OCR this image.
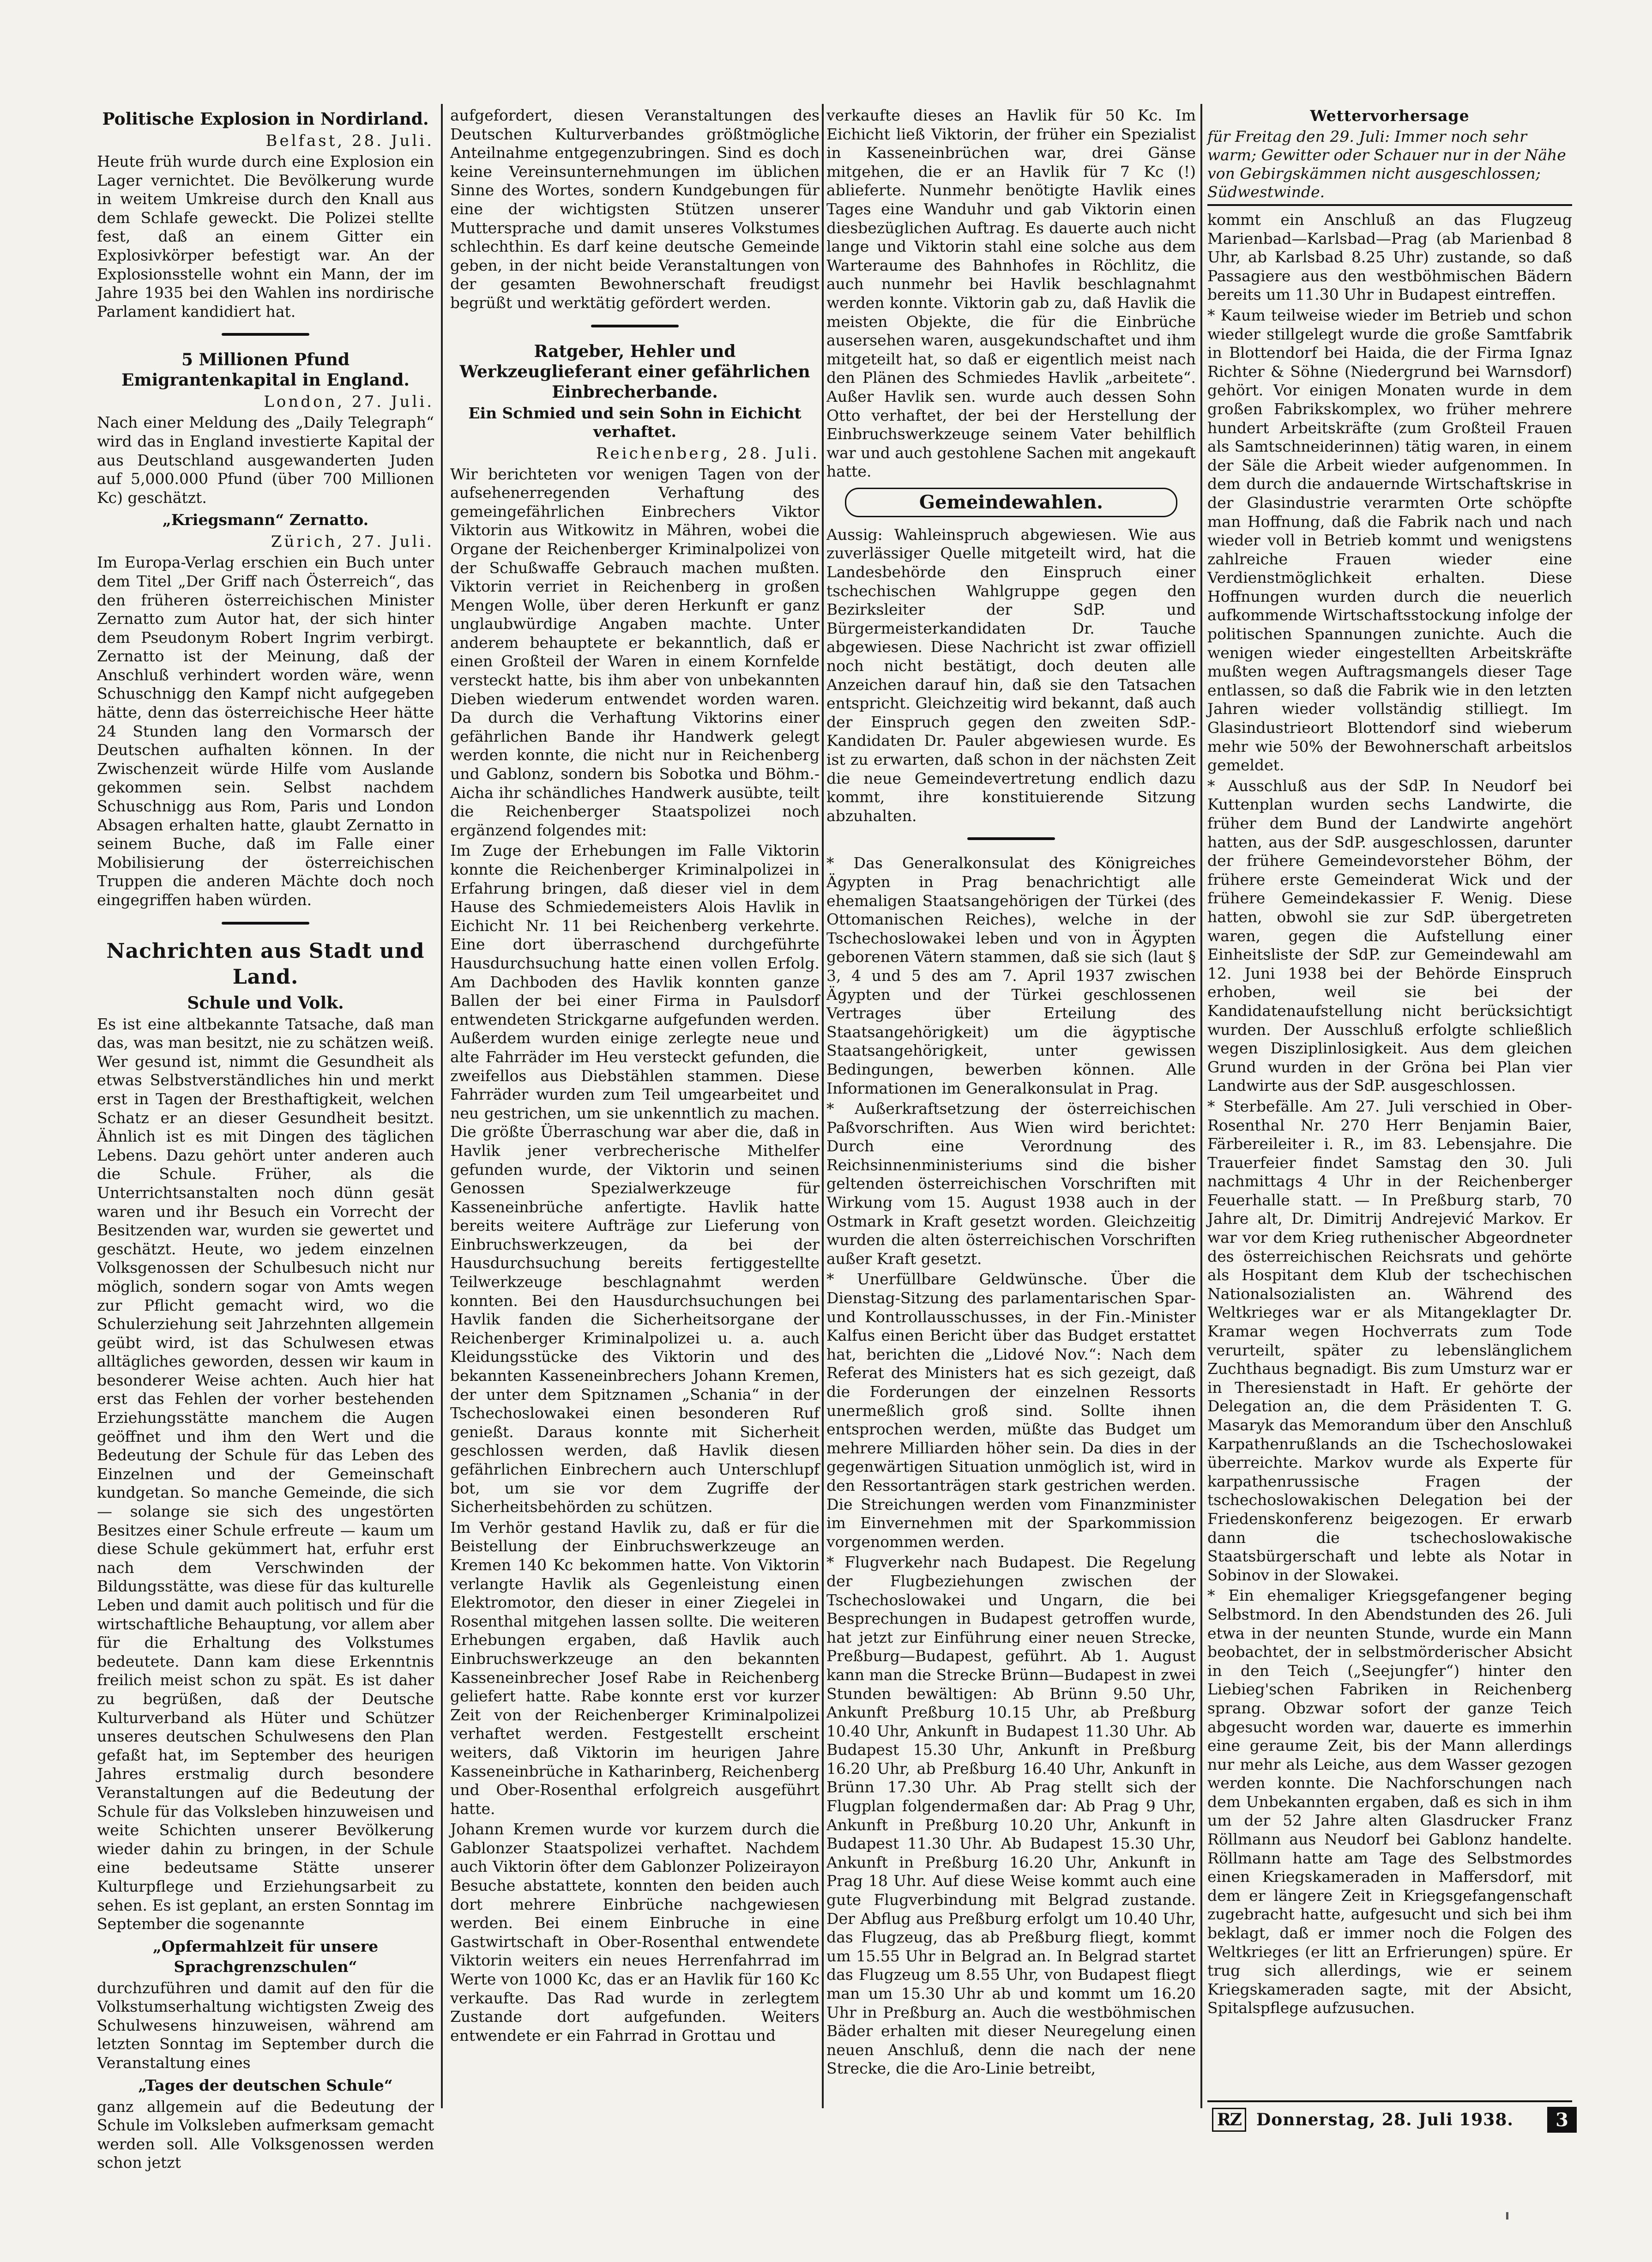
Politische Explosion in Nordirland.
Belfast, 28. Juli.

Heute früh wurde durch eine Explosion ein Lager vernichtet. Die Bevölkerung wurde in weitem Umkreise durch den Knall aus dem Schlafe geweckt. Die Polizei stellte fest, daß an einem Gitter ein Explosivkörper befestigt war. An der Explosionsstelle wohnt ein Mann, der im Jahre 1935 bei den Wahlen ins nordirische Parlament kandidiert hat.

5 Millionen Pfund Emigrantenkapital in England.
London, 27. Juli.

Nach einer Meldung des „Daily Telegraph“ wird das in England investierte Kapital der aus Deutschland ausgewanderten Juden auf 5,000.000 Pfund (über 700 Millionen Kc) geschätzt.

„Kriegsmann“ Zernatto.
Zürich, 27. Juli.

Im Europa-Verlag erschien ein Buch unter dem Titel „Der Griff nach Österreich“, das den früheren österreichischen Minister Zernatto zum Autor hat, der sich hinter dem Pseudonym Robert Ingrim verbirgt. Zernatto ist der Meinung, daß der Anschluß verhindert worden wäre, wenn Schuschnigg den Kampf nicht aufgegeben hätte, denn das österreichische Heer hätte 24 Stunden lang den Vormarsch der Deutschen aufhalten können. In der Zwischenzeit würde Hilfe vom Auslande gekommen sein. Selbst nachdem Schuschnigg aus Rom, Paris und London Absagen erhalten hatte, glaubt Zernatto in seinem Buche, daß im Falle einer Mobilisierung der österreichischen Truppen die anderen Mächte doch noch eingegriffen haben würden.

Nachrichten aus Stadt und Land.
Schule und Volk.

Es ist eine altbekannte Tatsache, daß man das, was man besitzt, nie zu schätzen weiß. Wer gesund ist, nimmt die Gesundheit als etwas Selbstverständliches hin und merkt erst in Tagen der Bresthaftigkeit, welchen Schatz er an dieser Gesundheit besitzt. Ähnlich ist es mit Dingen des täglichen Lebens. Dazu gehört unter anderen auch die Schule. Früher, als die Unterrichtsanstalten noch dünn gesät waren und ihr Besuch ein Vorrecht der Besitzenden war, wurden sie gewertet und geschätzt. Heute, wo jedem einzelnen Volksgenossen der Schulbesuch nicht nur möglich, sondern sogar von Amts wegen zur Pflicht gemacht wird, wo die Schulerziehung seit Jahrzehnten allgemein geübt wird, ist das Schulwesen etwas alltägliches geworden, dessen wir kaum in besonderer Weise achten. Auch hier hat erst das Fehlen der vorher bestehenden Erziehungsstätte manchem die Augen geöffnet und ihm den Wert und die Bedeutung der Schule für das Leben des Einzelnen und der Gemeinschaft kundgetan. So manche Gemeinde, die sich — solange sie sich des ungestörten Besitzes einer Schule erfreute — kaum um diese Schule gekümmert hat, erfuhr erst nach dem Verschwinden der Bildungsstätte, was diese für das kulturelle Leben und damit auch politisch und für die wirtschaftliche Behauptung, vor allem aber für die Erhaltung des Volkstumes bedeutete. Dann kam diese Erkenntnis freilich meist schon zu spät. Es ist daher zu begrüßen, daß der Deutsche Kulturverband als Hüter und Schützer unseres deutschen Schulwesens den Plan gefaßt hat, im September des heurigen Jahres erstmalig durch besondere Veranstaltungen auf die Bedeutung der Schule für das Volksleben hinzuweisen und weite Schichten unserer Bevölkerung wieder dahin zu bringen, in der Schule eine bedeutsame Stätte unserer Kulturpflege und Erziehungsarbeit zu sehen. Es ist geplant, an ersten Sonntag im September die sogenannte

„Opfermahlzeit für unsere Sprachgrenzschulen“

durchzuführen und damit auf den für die Volkstumserhaltung wichtigsten Zweig des Schulwesens hinzuweisen, während am letzten Sonntag im September durch die Veranstaltung eines

„Tages der deutschen Schule“

ganz allgemein auf die Bedeutung der Schule im Volksleben aufmerksam gemacht werden soll. Alle Volksgenossen werden schon jetzt

aufgefordert, diesen Veranstaltungen des Deutschen Kulturverbandes größtmögliche Anteilnahme entgegenzubringen. Sind es doch keine Vereinsunternehmungen im üblichen Sinne des Wortes, sondern Kundgebungen für eine der wichtigsten Stützen unserer Muttersprache und damit unseres Volkstumes schlechthin. Es darf keine deutsche Gemeinde geben, in der nicht beide Veranstaltungen von der gesamten Bewohnerschaft freudigst begrüßt und werktätig gefördert werden.

Ratgeber, Hehler und Werkzeuglieferant einer gefährlichen Einbrecherbande.
Ein Schmied und sein Sohn in Eichicht verhaftet.
Reichenberg, 28. Juli.

Wir berichteten vor wenigen Tagen von der aufsehenerregenden Verhaftung des gemeingefährlichen Einbrechers Viktor Viktorin aus Witkowitz in Mähren, wobei die Organe der Reichenberger Kriminalpolizei von der Schußwaffe Gebrauch machen mußten. Viktorin verriet in Reichenberg in großen Mengen Wolle, über deren Herkunft er ganz unglaubwürdige Angaben machte. Unter anderem behauptete er bekanntlich, daß er einen Großteil der Waren in einem Kornfelde versteckt hatte, bis ihm aber von unbekannten Dieben wiederum entwendet worden waren. Da durch die Verhaftung Viktorins einer gefährlichen Bande ihr Handwerk gelegt werden konnte, die nicht nur in Reichenberg und Gablonz, sondern bis Sobotka und Böhm.-Aicha ihr schändliches Handwerk ausübte, teilt die Reichenberger Staatspolizei noch ergänzend folgendes mit:

Im Zuge der Erhebungen im Falle Viktorin konnte die Reichenberger Kriminalpolizei in Erfahrung bringen, daß dieser viel in dem Hause des Schmiedemeisters Alois Havlik in Eichicht Nr. 11 bei Reichenberg verkehrte. Eine dort überraschend durchgeführte Hausdurchsuchung hatte einen vollen Erfolg. Am Dachboden des Havlik konnten ganze Ballen der bei einer Firma in Paulsdorf entwendeten Strickgarne aufgefunden werden. Außerdem wurden einige zerlegte neue und alte Fahrräder im Heu versteckt gefunden, die zweifellos aus Diebstählen stammen. Diese Fahrräder wurden zum Teil umgearbeitet und neu gestrichen, um sie unkenntlich zu machen. Die größte Überraschung war aber die, daß in Havlik jener verbrecherische Mithelfer gefunden wurde, der Viktorin und seinen Genossen Spezialwerkzeuge für Kasseneinbrüche anfertigte. Havlik hatte bereits weitere Aufträge zur Lieferung von Einbruchswerkzeugen, da bei der Hausdurchsuchung bereits fertiggestellte Teilwerkzeuge beschlagnahmt werden konnten. Bei den Hausdurchsuchungen bei Havlik fanden die Sicherheitsorgane der Reichenberger Kriminalpolizei u. a. auch Kleidungsstücke des Viktorin und des bekannten Kasseneinbrechers Johann Kremen, der unter dem Spitznamen „Schania“ in der Tschechoslowakei einen besonderen Ruf genießt. Daraus konnte mit Sicherheit geschlossen werden, daß Havlik diesen gefährlichen Einbrechern auch Unterschlupf bot, um sie vor dem Zugriffe der Sicherheitsbehörden zu schützen.

Im Verhör gestand Havlik zu, daß er für die Beistellung der Einbruchswerkzeuge an Kremen 140 Kc bekommen hatte. Von Viktorin verlangte Havlik als Gegenleistung einen Elektromotor, den dieser in einer Ziegelei in Rosenthal mitgehen lassen sollte. Die weiteren Erhebungen ergaben, daß Havlik auch Einbruchswerkzeuge an den bekannten Kasseneinbrecher Josef Rabe in Reichenberg geliefert hatte. Rabe konnte erst vor kurzer Zeit von der Reichenberger Kriminalpolizei verhaftet werden. Festgestellt erscheint weiters, daß Viktorin im heurigen Jahre Kasseneinbrüche in Katharinberg, Reichenberg und Ober-Rosenthal erfolgreich ausgeführt hatte.

Johann Kremen wurde vor kurzem durch die Gablonzer Staatspolizei verhaftet. Nachdem auch Viktorin öfter dem Gablonzer Polizeirayon Besuche abstattete, konnten den beiden auch dort mehrere Einbrüche nachgewiesen werden. Bei einem Einbruche in eine Gastwirtschaft in Ober-Rosenthal entwendete Viktorin weiters ein neues Herrenfahrrad im Werte von 1000 Kc, das er an Havlik für 160 Kc verkaufte. Das Rad wurde in zerlegtem Zustande dort aufgefunden. Weiters entwendete er ein Fahrrad in Grottau und

verkaufte dieses an Havlik für 50 Kc. Im Eichicht ließ Viktorin, der früher ein Spezialist in Kasseneinbrüchen war, drei Gänse mitgehen, die er an Havlik für 7 Kc (!) ablieferte. Nunmehr benötigte Havlik eines Tages eine Wanduhr und gab Viktorin einen diesbezüglichen Auftrag. Es dauerte auch nicht lange und Viktorin stahl eine solche aus dem Warteraume des Bahnhofes in Röchlitz, die auch nunmehr bei Havlik beschlagnahmt werden konnte. Viktorin gab zu, daß Havlik die meisten Objekte, die für die Einbrüche ausersehen waren, ausgekundschaftet und ihm mitgeteilt hat, so daß er eigentlich meist nach den Plänen des Schmiedes Havlik „arbeitete“. Außer Havlik sen. wurde auch dessen Sohn Otto verhaftet, der bei der Herstellung der Einbruchswerkzeuge seinem Vater behilflich war und auch gestohlene Sachen mit angekauft hatte.

Gemeindewahlen.

Aussig: Wahleinspruch abgewiesen. Wie aus zuverlässiger Quelle mitgeteilt wird, hat die Landesbehörde den Einspruch einer tschechischen Wahlgruppe gegen den Bezirksleiter der SdP. und Bürgermeisterkandidaten Dr. Tauche abgewiesen. Diese Nachricht ist zwar offiziell noch nicht bestätigt, doch deuten alle Anzeichen darauf hin, daß sie den Tatsachen entspricht. Gleichzeitig wird bekannt, daß auch der Einspruch gegen den zweiten SdP.-Kandidaten Dr. Pauler abgewiesen wurde. Es ist zu erwarten, daß schon in der nächsten Zeit die neue Gemeindevertretung endlich dazu kommt, ihre konstituierende Sitzung abzuhalten.

* Das Generalkonsulat des Königreiches Ägypten in Prag benachrichtigt alle ehemaligen Staatsangehörigen der Türkei (des Ottomanischen Reiches), welche in der Tschechoslowakei leben und von in Ägypten geborenen Vätern stammen, daß sie sich (laut § 3, 4 und 5 des am 7. April 1937 zwischen Ägypten und der Türkei geschlossenen Vertrages über Erteilung des Staatsangehörigkeit) um die ägyptische Staatsangehörigkeit, unter gewissen Bedingungen, bewerben können. Alle Informationen im Generalkonsulat in Prag.

* Außerkraftsetzung der österreichischen Paßvorschriften. Aus Wien wird berichtet: Durch eine Verordnung des Reichsinnenministeriums sind die bisher geltenden österreichischen Vorschriften mit Wirkung vom 15. August 1938 auch in der Ostmark in Kraft gesetzt worden. Gleichzeitig wurden die alten österreichischen Vorschriften außer Kraft gesetzt.

* Unerfüllbare Geldwünsche. Über die Dienstag-Sitzung des parlamentarischen Spar- und Kontrollausschusses, in der Fin.-Minister Kalfus einen Bericht über das Budget erstattet hat, berichten die „Lidové Nov.“: Nach dem Referat des Ministers hat es sich gezeigt, daß die Forderungen der einzelnen Ressorts unermeßlich groß sind. Sollte ihnen entsprochen werden, müßte das Budget um mehrere Milliarden höher sein. Da dies in der gegenwärtigen Situation unmöglich ist, wird in den Ressortanträgen stark gestrichen werden. Die Streichungen werden vom Finanzminister im Einvernehmen mit der Sparkommission vorgenommen werden.

* Flugverkehr nach Budapest. Die Regelung der Flugbeziehungen zwischen der Tschechoslowakei und Ungarn, die bei Besprechungen in Budapest getroffen wurde, hat jetzt zur Einführung einer neuen Strecke, Preßburg—Budapest, geführt. Ab 1. August kann man die Strecke Brünn—Budapest in zwei Stunden bewältigen: Ab Brünn 9.50 Uhr, Ankunft Preßburg 10.15 Uhr, ab Preßburg 10.40 Uhr, Ankunft in Budapest 11.30 Uhr. Ab Budapest 15.30 Uhr, Ankunft in Preßburg 16.20 Uhr, ab Preßburg 16.40 Uhr, Ankunft in Brünn 17.30 Uhr. Ab Prag stellt sich der Flugplan folgendermaßen dar: Ab Prag 9 Uhr, Ankunft in Preßburg 10.20 Uhr, Ankunft in Budapest 11.30 Uhr. Ab Budapest 15.30 Uhr, Ankunft in Preßburg 16.20 Uhr, Ankunft in Prag 18 Uhr. Auf diese Weise kommt auch eine gute Flugverbindung mit Belgrad zustande. Der Abflug aus Preßburg erfolgt um 10.40 Uhr, das Flugzeug, das ab Preßburg fliegt, kommt um 15.55 Uhr in Belgrad an. In Belgrad startet das Flugzeug um 8.55 Uhr, von Budapest fliegt man um 15.30 Uhr ab und kommt um 16.20 Uhr in Preßburg an. Auch die westböhmischen Bäder erhalten mit dieser Neuregelung einen neuen Anschluß, denn die nach der nene Strecke, die die Aro-Linie betreibt,

Wettervorhersage
für Freitag den 29. Juli: Immer noch sehr warm; Gewitter oder Schauer nur in der Nähe von Gebirgskämmen nicht ausgeschlossen; Südwestwinde.

kommt ein Anschluß an das Flugzeug Marienbad—Karlsbad—Prag (ab Marienbad 8 Uhr, ab Karlsbad 8.25 Uhr) zustande, so daß Passagiere aus den westböhmischen Bädern bereits um 11.30 Uhr in Budapest eintreffen.

* Kaum teilweise wieder im Betrieb und schon wieder stillgelegt wurde die große Samtfabrik in Blottendorf bei Haida, die der Firma Ignaz Richter & Söhne (Niedergrund bei Warnsdorf) gehört. Vor einigen Monaten wurde in dem großen Fabrikskomplex, wo früher mehrere hundert Arbeitskräfte (zum Großteil Frauen als Samtschneiderinnen) tätig waren, in einem der Säle die Arbeit wieder aufgenommen. In dem durch die andauernde Wirtschaftskrise in der Glasindustrie verarmten Orte schöpfte man Hoffnung, daß die Fabrik nach und nach wieder voll in Betrieb kommt und wenigstens zahlreiche Frauen wieder eine Verdienstmöglichkeit erhalten. Diese Hoffnungen wurden durch die neuerlich aufkommende Wirtschaftsstockung infolge der politischen Spannungen zunichte. Auch die wenigen wieder eingestellten Arbeitskräfte mußten wegen Auftragsmangels dieser Tage entlassen, so daß die Fabrik wie in den letzten Jahren wieder vollständig stilliegt. Im Glasindustrieort Blottendorf sind wieberum mehr wie 50% der Bewohnerschaft arbeitslos gemeldet.

* Ausschluß aus der SdP. In Neudorf bei Kuttenplan wurden sechs Landwirte, die früher dem Bund der Landwirte angehört hatten, aus der SdP. ausgeschlossen, darunter der frühere Gemeindevorsteher Böhm, der frühere erste Gemeinderat Wick und der frühere Gemeindekassier F. Wenig. Diese hatten, obwohl sie zur SdP. übergetreten waren, gegen die Aufstellung einer Einheitsliste der SdP. zur Gemeindewahl am 12. Juni 1938 bei der Behörde Einspruch erhoben, weil sie bei der Kandidatenaufstellung nicht berücksichtigt wurden. Der Ausschluß erfolgte schließlich wegen Disziplinlosigkeit. Aus dem gleichen Grund wurden in der Gröna bei Plan vier Landwirte aus der SdP. ausgeschlossen.

* Sterbefälle. Am 27. Juli verschied in Ober-Rosenthal Nr. 270 Herr Benjamin Baier, Färbereileiter i. R., im 83. Lebensjahre. Die Trauerfeier findet Samstag den 30. Juli nachmittags 4 Uhr in der Reichenberger Feuerhalle statt. — In Preßburg starb, 70 Jahre alt, Dr. Dimitrij Andrejević Markov. Er war vor dem Krieg ruthenischer Abgeordneter des österreichischen Reichsrats und gehörte als Hospitant dem Klub der tschechischen Nationalsozialisten an. Während des Weltkrieges war er als Mitangeklagter Dr. Kramar wegen Hochverrats zum Tode verurteilt, später zu lebenslänglichem Zuchthaus begnadigt. Bis zum Umsturz war er in Theresienstadt in Haft. Er gehörte der Delegation an, die dem Präsidenten T. G. Masaryk das Memorandum über den Anschluß Karpathenrußlands an die Tschechoslowakei überreichte. Markov wurde als Experte für karpathenrussische Fragen der tschechoslowakischen Delegation bei der Friedenskonferenz beigezogen. Er erwarb dann die tschechoslowakische Staatsbürgerschaft und lebte als Notar in Sobinov in der Slowakei.

* Ein ehemaliger Kriegsgefangener beging Selbstmord. In den Abendstunden des 26. Juli etwa in der neunten Stunde, wurde ein Mann beobachtet, der in selbstmörderischer Absicht in den Teich („Seejungfer“) hinter den Liebieg'schen Fabriken in Reichenberg sprang. Obzwar sofort der ganze Teich abgesucht worden war, dauerte es immerhin eine geraume Zeit, bis der Mann allerdings nur mehr als Leiche, aus dem Wasser gezogen werden konnte. Die Nachforschungen nach dem Unbekannten ergaben, daß es sich in ihm um der 52 Jahre alten Glasdrucker Franz Röllmann aus Neudorf bei Gablonz handelte. Röllmann hatte am Tage des Selbstmordes einen Kriegskameraden in Maffersdorf, mit dem er längere Zeit in Kriegsgefangenschaft zugebracht hatte, aufgesucht und sich bei ihm beklagt, daß er immer noch die Folgen des Weltkrieges (er litt an Erfrierungen) spüre. Er trug sich allerdings, wie er seinem Kriegskameraden sagte, mit der Absicht, Spitalspflege aufzusuchen.

RZ Donnerstag, 28. Juli 1938.	3
